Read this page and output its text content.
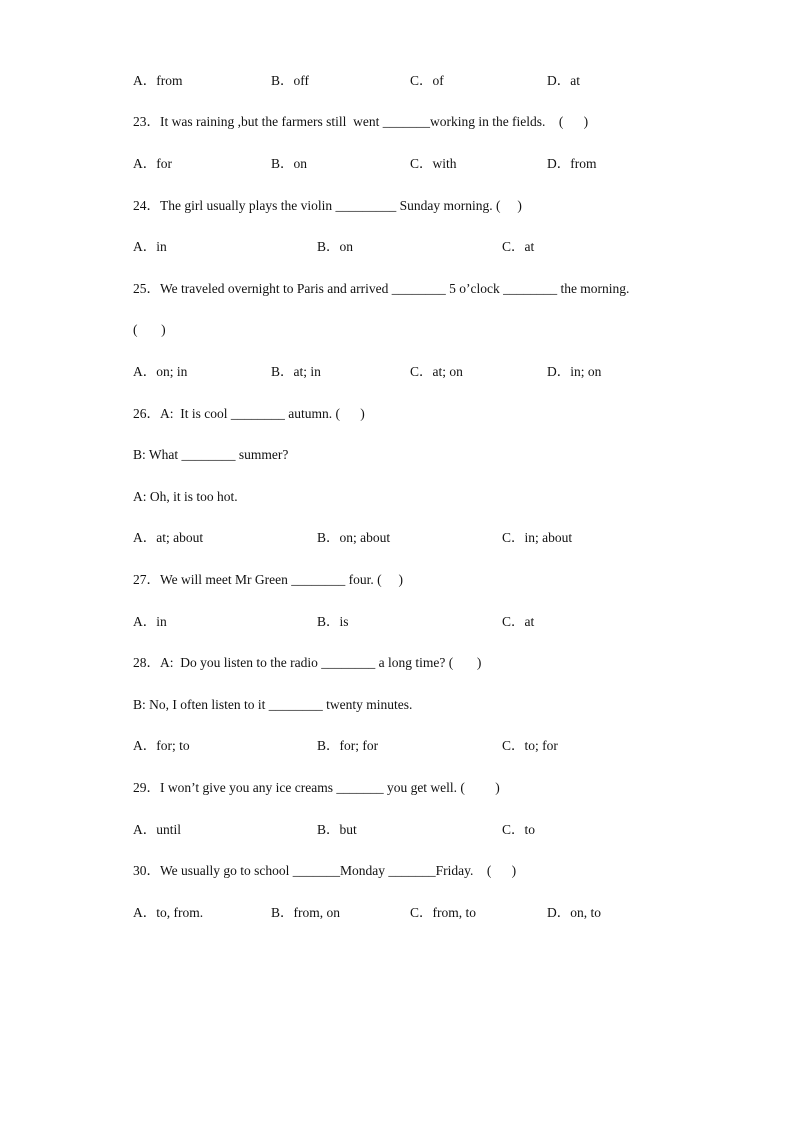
A．from	B．off	C．of	D．at
23．It was raining ,but the farmers still  went _______working in the fields.    (      )
A．for	B．on	C．with	D．from
24．The girl usually plays the violin _________ Sunday morning. (     )
A．in	B．on	C．at
25．We traveled overnight to Paris and arrived ________ 5 o’clock ________ the morning.
(       )
A．on; in	B．at; in	C．at; on	D．in; on
26．A:  It is cool ________ autumn. (      )
B: What ________ summer?
A: Oh, it is too hot.
A．at; about	B．on; about	C．in; about
27．We will meet Mr Green ________ four. (     )
A．in	B．is	C．at
28．A:  Do you listen to the radio ________ a long time? (       )
B: No, I often listen to it ________ twenty minutes.
A．for; to	B．for; for	C．to; for
29．I won’t give you any ice creams _______ you get well. (         )
A．until	B．but	C．to
30．We usually go to school _______Monday _______Friday.    (      )
A．to, from.	B．from, on	C．from, to	D．on, to
